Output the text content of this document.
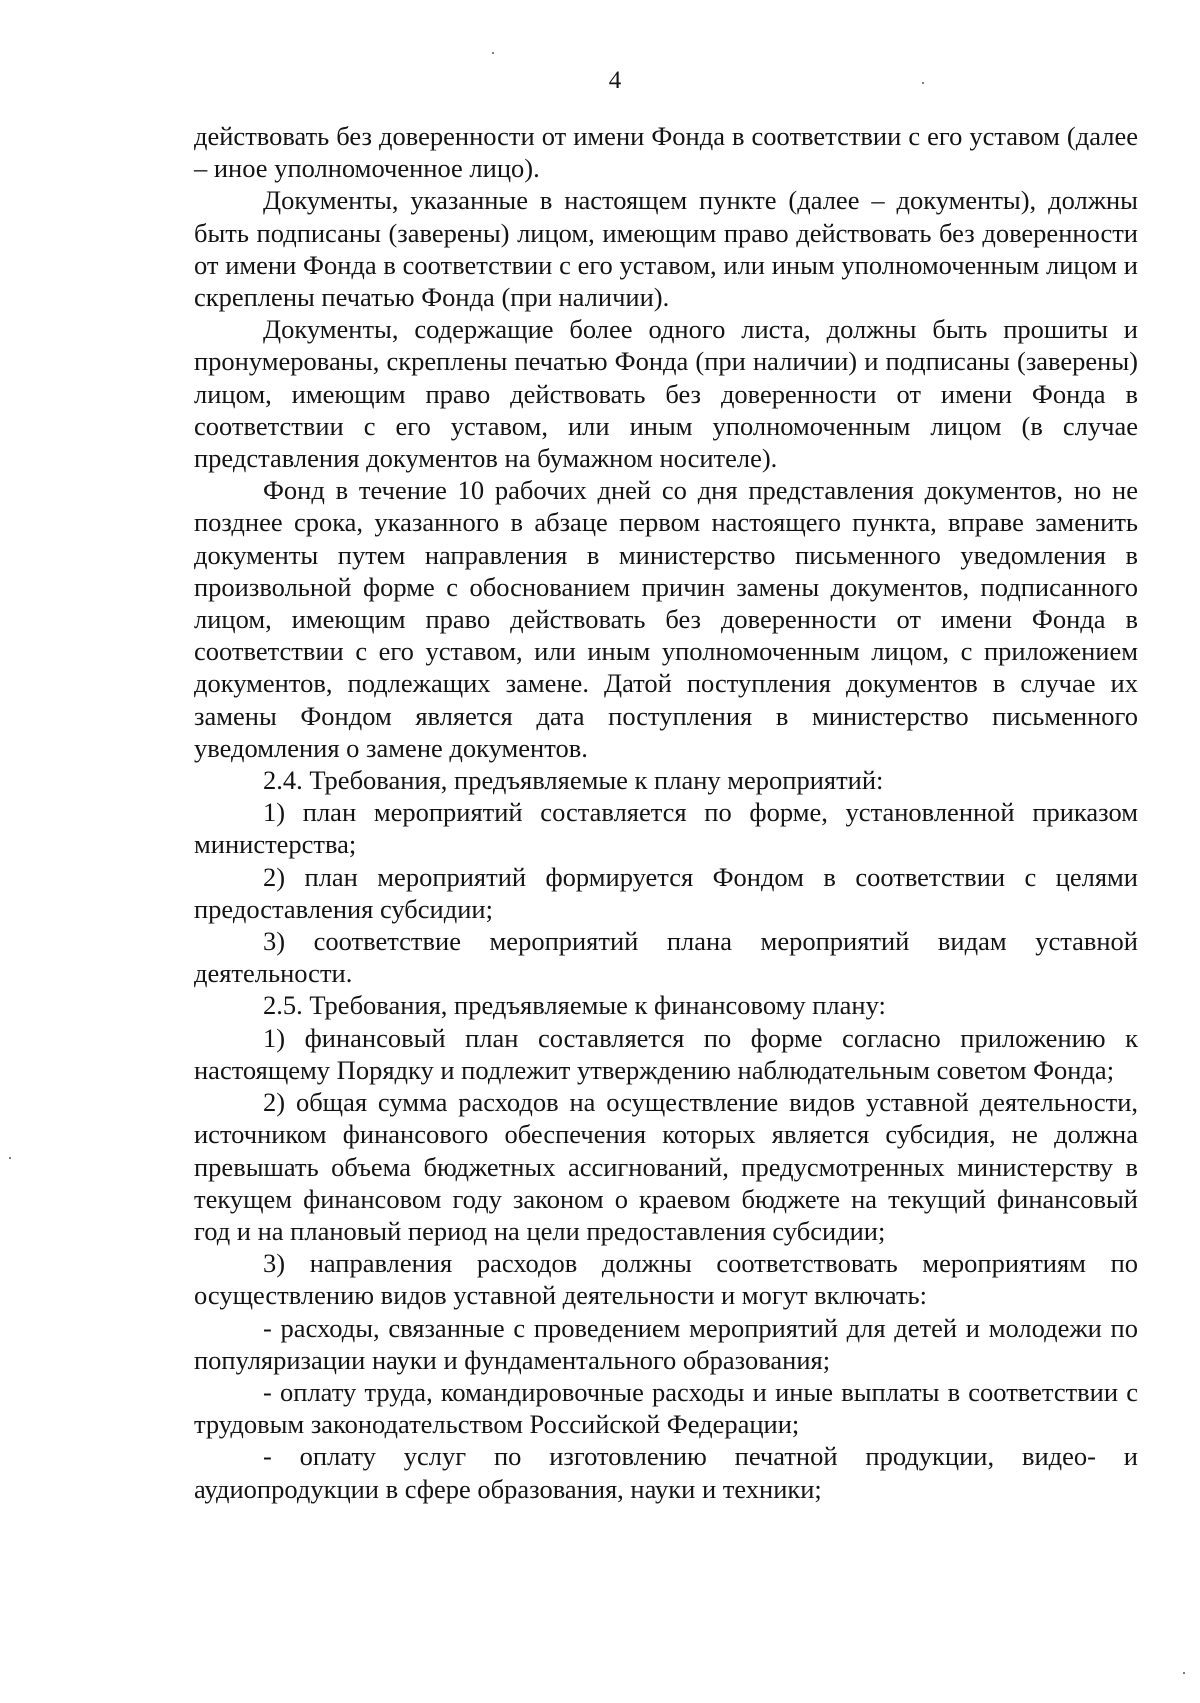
4

действовать без доверенности от имени Фонда в соответствии с его уставом (далее – иное уполномоченное лицо).

Документы, указанные в настоящем пункте (далее – документы), должны быть подписаны (заверены) лицом, имеющим право действовать без доверенности от имени Фонда в соответствии с его уставом, или иным уполномоченным лицом и скреплены печатью Фонда (при наличии).

Документы, содержащие более одного листа, должны быть прошиты и пронумерованы, скреплены печатью Фонда (при наличии) и подписаны (заверены) лицом, имеющим право действовать без доверенности от имени Фонда в соответствии с его уставом, или иным уполномоченным лицом (в случае представления документов на бумажном носителе).

Фонд в течение 10 рабочих дней со дня представления документов, но не позднее срока, указанного в абзаце первом настоящего пункта, вправе заменить документы путем направления в министерство письменного уведомления в произвольной форме с обоснованием причин замены документов, подписанного лицом, имеющим право действовать без доверенности от имени Фонда в соответствии с его уставом, или иным уполномоченным лицом, с приложением документов, подлежащих замене. Датой поступления документов в случае их замены Фондом является дата поступления в министерство письменного уведомления о замене документов.

2.4. Требования, предъявляемые к плану мероприятий:

1) план мероприятий составляется по форме, установленной приказом министерства;

2) план мероприятий формируется Фондом в соответствии с целями предоставления субсидии;

3) соответствие мероприятий плана мероприятий видам уставной деятельности.

2.5. Требования, предъявляемые к финансовому плану:

1) финансовый план составляется по форме согласно приложению к настоящему Порядку и подлежит утверждению наблюдательным советом Фонда;

2) общая сумма расходов на осуществление видов уставной деятельности, источником финансового обеспечения которых является субсидия, не должна превышать объема бюджетных ассигнований, предусмотренных министерству в текущем финансовом году законом о краевом бюджете на текущий финансовый год и на плановый период на цели предоставления субсидии;

3) направления расходов должны соответствовать мероприятиям по осуществлению видов уставной деятельности и могут включать:

- расходы, связанные с проведением мероприятий для детей и молодежи по популяризации науки и фундаментального образования;

- оплату труда, командировочные расходы и иные выплаты в соответствии с трудовым законодательством Российской Федерации;

- оплату услуг по изготовлению печатной продукции, видео- и аудиопродукции в сфере образования, науки и техники;
